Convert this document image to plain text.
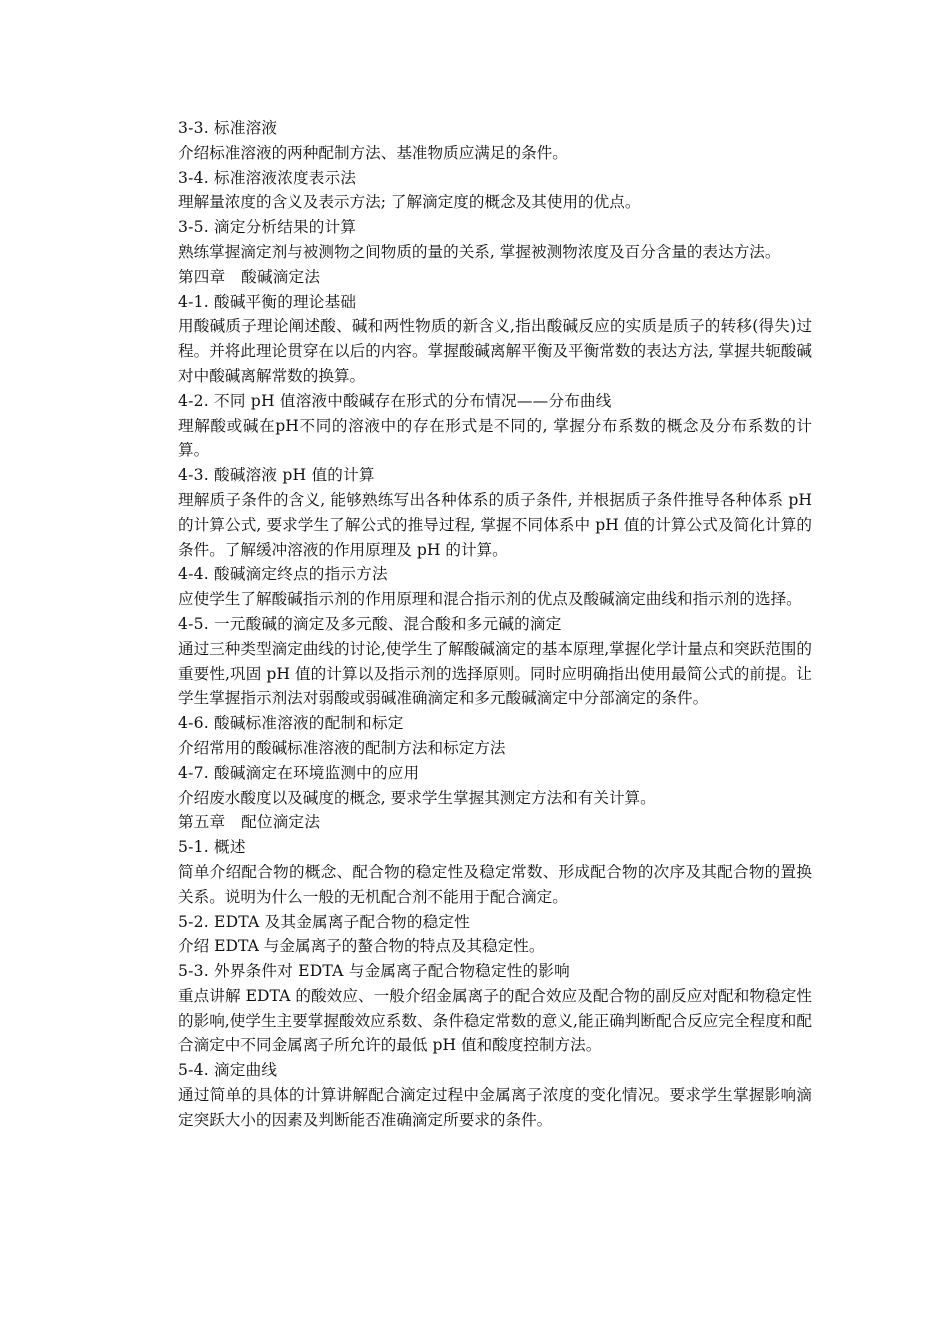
3-3. 标准溶液

介绍标准溶液的两种配制方法、基准物质应满足的条件。

3-4. 标准溶液浓度表示法

理解量浓度的含义及表示方法; 了解滴定度的概念及其使用的优点。

3-5. 滴定分析结果的计算

熟练掌握滴定剂与被测物之间物质的量的关系, 掌握被测物浓度及百分含量的表达方法。

第四章　酸碱滴定法

4-1. 酸碱平衡的理论基础

用酸碱质子理论阐述酸、碱和两性物质的新含义,指出酸碱反应的实质是质子的转移(得失)过程。并将此理论贯穿在以后的内容。掌握酸碱离解平衡及平衡常数的表达方法, 掌握共轭酸碱对中酸碱离解常数的换算。

4-2. 不同 pH 值溶液中酸碱存在形式的分布情况——分布曲线

理解酸或碱在pH不同的溶液中的存在形式是不同的, 掌握分布系数的概念及分布系数的计算。

4-3. 酸碱溶液 pH 值的计算

理解质子条件的含义, 能够熟练写出各种体系的质子条件, 并根据质子条件推导各种体系 pH 的计算公式, 要求学生了解公式的推导过程, 掌握不同体系中 pH 值的计算公式及简化计算的条件。了解缓冲溶液的作用原理及 pH 的计算。

4-4. 酸碱滴定终点的指示方法

应使学生了解酸碱指示剂的作用原理和混合指示剂的优点及酸碱滴定曲线和指示剂的选择。

4-5. 一元酸碱的滴定及多元酸、混合酸和多元碱的滴定

通过三种类型滴定曲线的讨论,使学生了解酸碱滴定的基本原理,掌握化学计量点和突跃范围的重要性,巩固 pH 值的计算以及指示剂的选择原则。同时应明确指出使用最简公式的前提。让学生掌握指示剂法对弱酸或弱碱准确滴定和多元酸碱滴定中分部滴定的条件。

4-6. 酸碱标准溶液的配制和标定

介绍常用的酸碱标准溶液的配制方法和标定方法

4-7. 酸碱滴定在环境监测中的应用

介绍废水酸度以及碱度的概念, 要求学生掌握其测定方法和有关计算。

第五章　配位滴定法

5-1. 概述

简单介绍配合物的概念、配合物的稳定性及稳定常数、形成配合物的次序及其配合物的置换关系。说明为什么一般的无机配合剂不能用于配合滴定。

5-2. EDTA 及其金属离子配合物的稳定性

介绍 EDTA 与金属离子的螯合物的特点及其稳定性。

5-3. 外界条件对 EDTA 与金属离子配合物稳定性的影响

重点讲解 EDTA 的酸效应、一般介绍金属离子的配合效应及配合物的副反应对配和物稳定性的影响,使学生主要掌握酸效应系数、条件稳定常数的意义,能正确判断配合反应完全程度和配合滴定中不同金属离子所允许的最低 pH 值和酸度控制方法。

5-4. 滴定曲线

通过简单的具体的计算讲解配合滴定过程中金属离子浓度的变化情况。要求学生掌握影响滴定突跃大小的因素及判断能否准确滴定所要求的条件。
